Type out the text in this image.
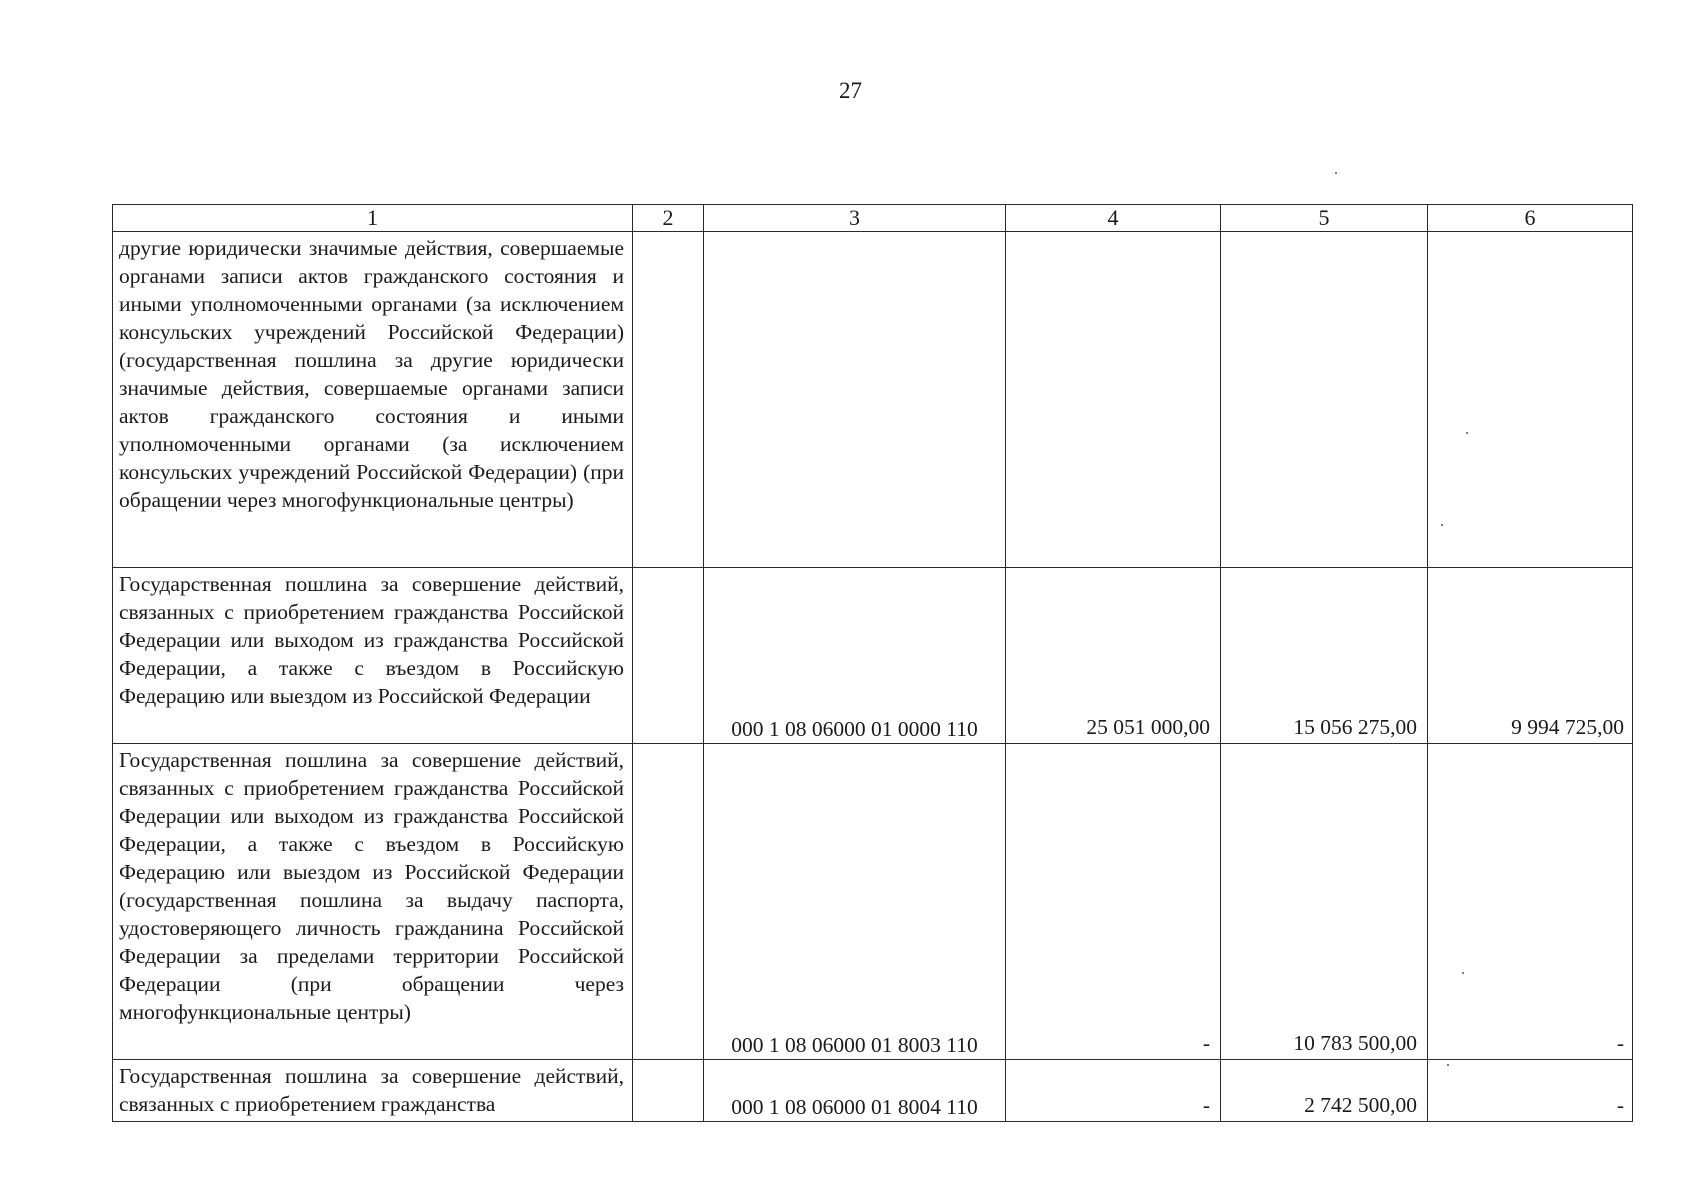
27
1	2	3	4	5	6
другие юридически значимые действия, совершаемые органами записи актов гражданского состояния и иными уполномоченными органами (за исключением консульских учреждений Российской Федерации) (государственная пошлина за другие юридически значимые действия, совершаемые органами записи актов гражданского состояния и иными уполномоченными органами (за исключением консульских учреждений Российской Федерации) (при обращении через многофункциональные центры)					
Государственная пошлина за совершение действий, связанных с приобретением гражданства Российской Федерации или выходом из гражданства Российской Федерации, а также с въездом в Российскую Федерацию или выездом из Российской Федерации		000 1 08 06000 01 0000 110	25 051 000,00	15 056 275,00	9 994 725,00
Государственная пошлина за совершение действий, связанных с приобретением гражданства Российской Федерации или выходом из гражданства Российской Федерации, а также с въездом в Российскую Федерацию или выездом из Российской Федерации (государственная пошлина за выдачу паспорта, удостоверяющего личность гражданина Российской Федерации за пределами территории Российской Федерации (при обращении через многофункциональные центры)		000 1 08 06000 01 8003 110	-	10 783 500,00	-
Государственная пошлина за совершение действий, связанных с приобретением гражданства		000 1 08 06000 01 8004 110	-	2 742 500,00	-
